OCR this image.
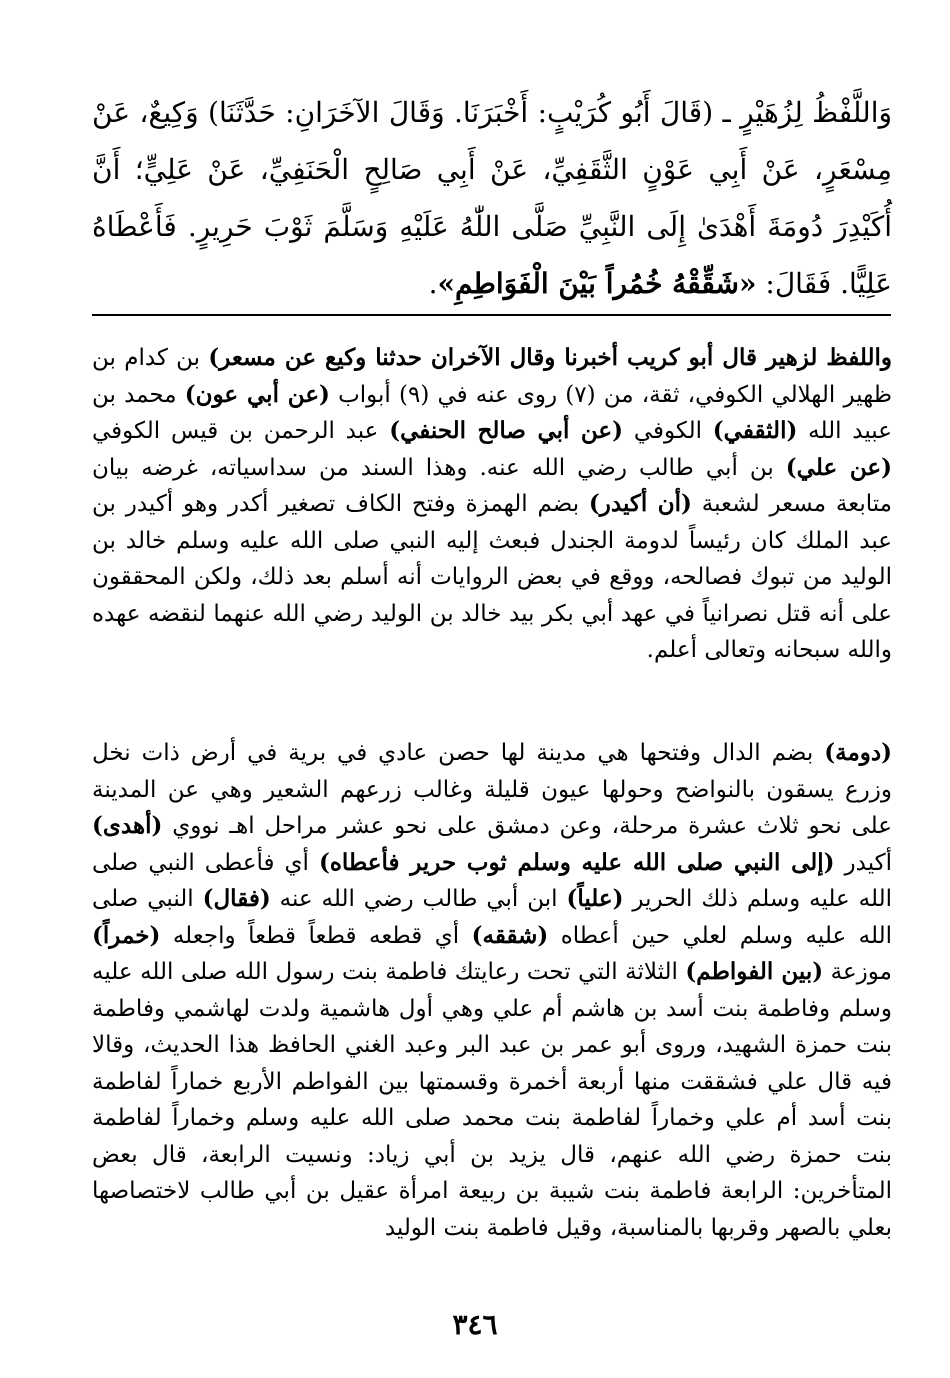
وَاللَّفْظُ لِزُهَيْرٍ ـ (قَالَ أَبُو كُرَيْبٍ: أَخْبَرَنَا. وَقَالَ الآخَرَانِ: حَدَّثَنَا) وَكِيعٌ، عَنْ مِسْعَرٍ، عَنْ أَبِي عَوْنٍ الثَّقَفِيِّ، عَنْ أَبِي صَالِحٍ الْحَنَفِيِّ، عَنْ عَلِيٍّ؛ أَنَّ أُكَيْدِرَ دُومَةَ أَهْدَىٰ إِلَى النَّبِيِّ صَلَّى اللّٰهُ عَلَيْهِ وَسَلَّمَ ثَوْبَ حَرِيرٍ. فَأَعْطَاهُ عَلِيًّا. فَقَالَ: «شَقِّقْهُ خُمُراً بَيْنَ الْفَوَاطِمِ».

واللفظ لزهير قال أبو كريب أخبرنا وقال الآخران حدثنا وكيع عن مسعر) بن كدام بن ظهير الهلالي الكوفي، ثقة، من (٧) روى عنه في (٩) أبواب (عن أبي عون) محمد بن عبيد الله (الثقفي) الكوفي (عن أبي صالح الحنفي) عبد الرحمن بن قيس الكوفي (عن علي) بن أبي طالب رضي الله عنه. وهذا السند من سداسياته، غرضه بيان متابعة مسعر لشعبة (أن أكيدر) بضم الهمزة وفتح الكاف تصغير أكدر وهو أكيدر بن عبد الملك كان رئيساً لدومة الجندل فبعث إليه النبي صلى الله عليه وسلم خالد بن الوليد من تبوك فصالحه، ووقع في بعض الروايات أنه أسلم بعد ذلك، ولكن المحققون على أنه قتل نصرانياً في عهد أبي بكر بيد خالد بن الوليد رضي الله عنهما لنقضه عهده والله سبحانه وتعالى أعلم.

(دومة) بضم الدال وفتحها هي مدينة لها حصن عادي في برية في أرض ذات نخل وزرع يسقون بالنواضح وحولها عيون قليلة وغالب زرعهم الشعير وهي عن المدينة على نحو ثلاث عشرة مرحلة، وعن دمشق على نحو عشر مراحل اهـ نووي (أهدى) أكيدر (إلى النبي صلى الله عليه وسلم ثوب حرير فأعطاه) أي فأعطى النبي صلى الله عليه وسلم ذلك الحرير (علياً) ابن أبي طالب رضي الله عنه (فقال) النبي صلى الله عليه وسلم لعلي حين أعطاه (شققه) أي قطعه قطعاً قطعاً واجعله (خمراً) موزعة (بين الفواطم) الثلاثة التي تحت رعايتك فاطمة بنت رسول الله صلى الله عليه وسلم وفاطمة بنت أسد بن هاشم أم علي وهي أول هاشمية ولدت لهاشمي وفاطمة بنت حمزة الشهيد، وروى أبو عمر بن عبد البر وعبد الغني الحافظ هذا الحديث، وقالا فيه قال علي فشققت منها أربعة أخمرة وقسمتها بين الفواطم الأربع خماراً لفاطمة بنت أسد أم علي وخماراً لفاطمة بنت محمد صلى الله عليه وسلم وخماراً لفاطمة بنت حمزة رضي الله عنهم، قال يزيد بن أبي زياد: ونسيت الرابعة، قال بعض المتأخرين: الرابعة فاطمة بنت شيبة بن ربيعة امرأة عقيل بن أبي طالب لاختصاصها بعلي بالصهر وقربها بالمناسبة، وقيل فاطمة بنت الوليد

٣٤٦
